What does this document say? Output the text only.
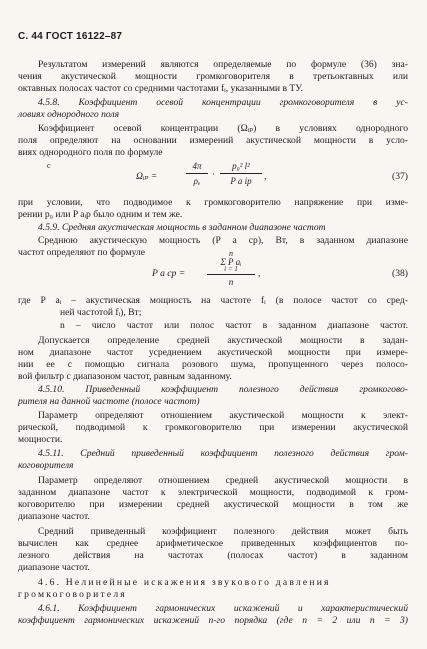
С. 44 ГОСТ 16122–87
Результатом измерений являются определяемые по формуле (36) зна-
чения акустической мощности громкоговорителя в третьоктавных или
октавных полосах частот со средними частотами fᵢ, указанными в ТУ.
4.5.8. Коэффициент осевой концентрации громкоговорителя в ус-
ловиях однородного поля
Коэффициент осевой концентрации (Ωᵢₚ) в условиях однородного
поля определяют на основании измерений акустической мощности в усло-
виях однородного поля по формуле
c
Ωᵢₚ =
4π
ρₑ
·
p₀² l²
P a ip	,	(37)
при условии, что подводимое к громкоговорителю напряжение при изме-
рении p₀ или P aᵢp было одним и тем же.
4.5.9. Средняя акустическая мощность в заданном диапазоне частот
Среднюю акустическую мощность (P a ср), Вт, в заданном диапазоне
частот определяют по формуле
P a ср =
n
Σ P aᵢ
i = 1
n
,	(38)
где P aᵢ – акустическая мощность на частоте fᵢ (в полосе частот со сред-
ней частотой fᵢ), Вт;
n – число частот или полос частот в заданном диапазоне частот.
Допускается определение средней акустической мощности в задан-
ном диапазоне частот усреднением акустической мощности при измере-
нии ее с помощью сигнала розового шума, пропущенного через полосо-
вой фильтр с диапазоном частот, равным заданному.
4.5.10. Приведенный коэффициент полезного действия громкогово-
рителя на данной частоте (полосе частот)
Параметр определяют отношением акустической мощности к элект-
рической, подводимой к громкоговорителю при измерении акустической
мощности.
4.5.11. Средний приведенный коэффициент полезного действия гром-
коговорителя
Параметр определяют отношением средней акустической мощности в
заданном диапазоне частот к электрической мощности, подводимой к гром-
коговорителю при измерении средней акустической мощности в том же
диапазоне частот.
Средний приведенный коэффициент полезного действия может быть
вычислен как среднее арифметическое приведенных коэффициентов по-
лезного действия на частотах (полосах частот) в заданном
диапазоне частот.
4.6. Нелинейные искажения звукового давления
громкоговорителя
4.6.1. Коэффициент гармонических искажений и характеристический
коэффициент гармонических искажений n-го порядка (где n = 2 или n = 3)
